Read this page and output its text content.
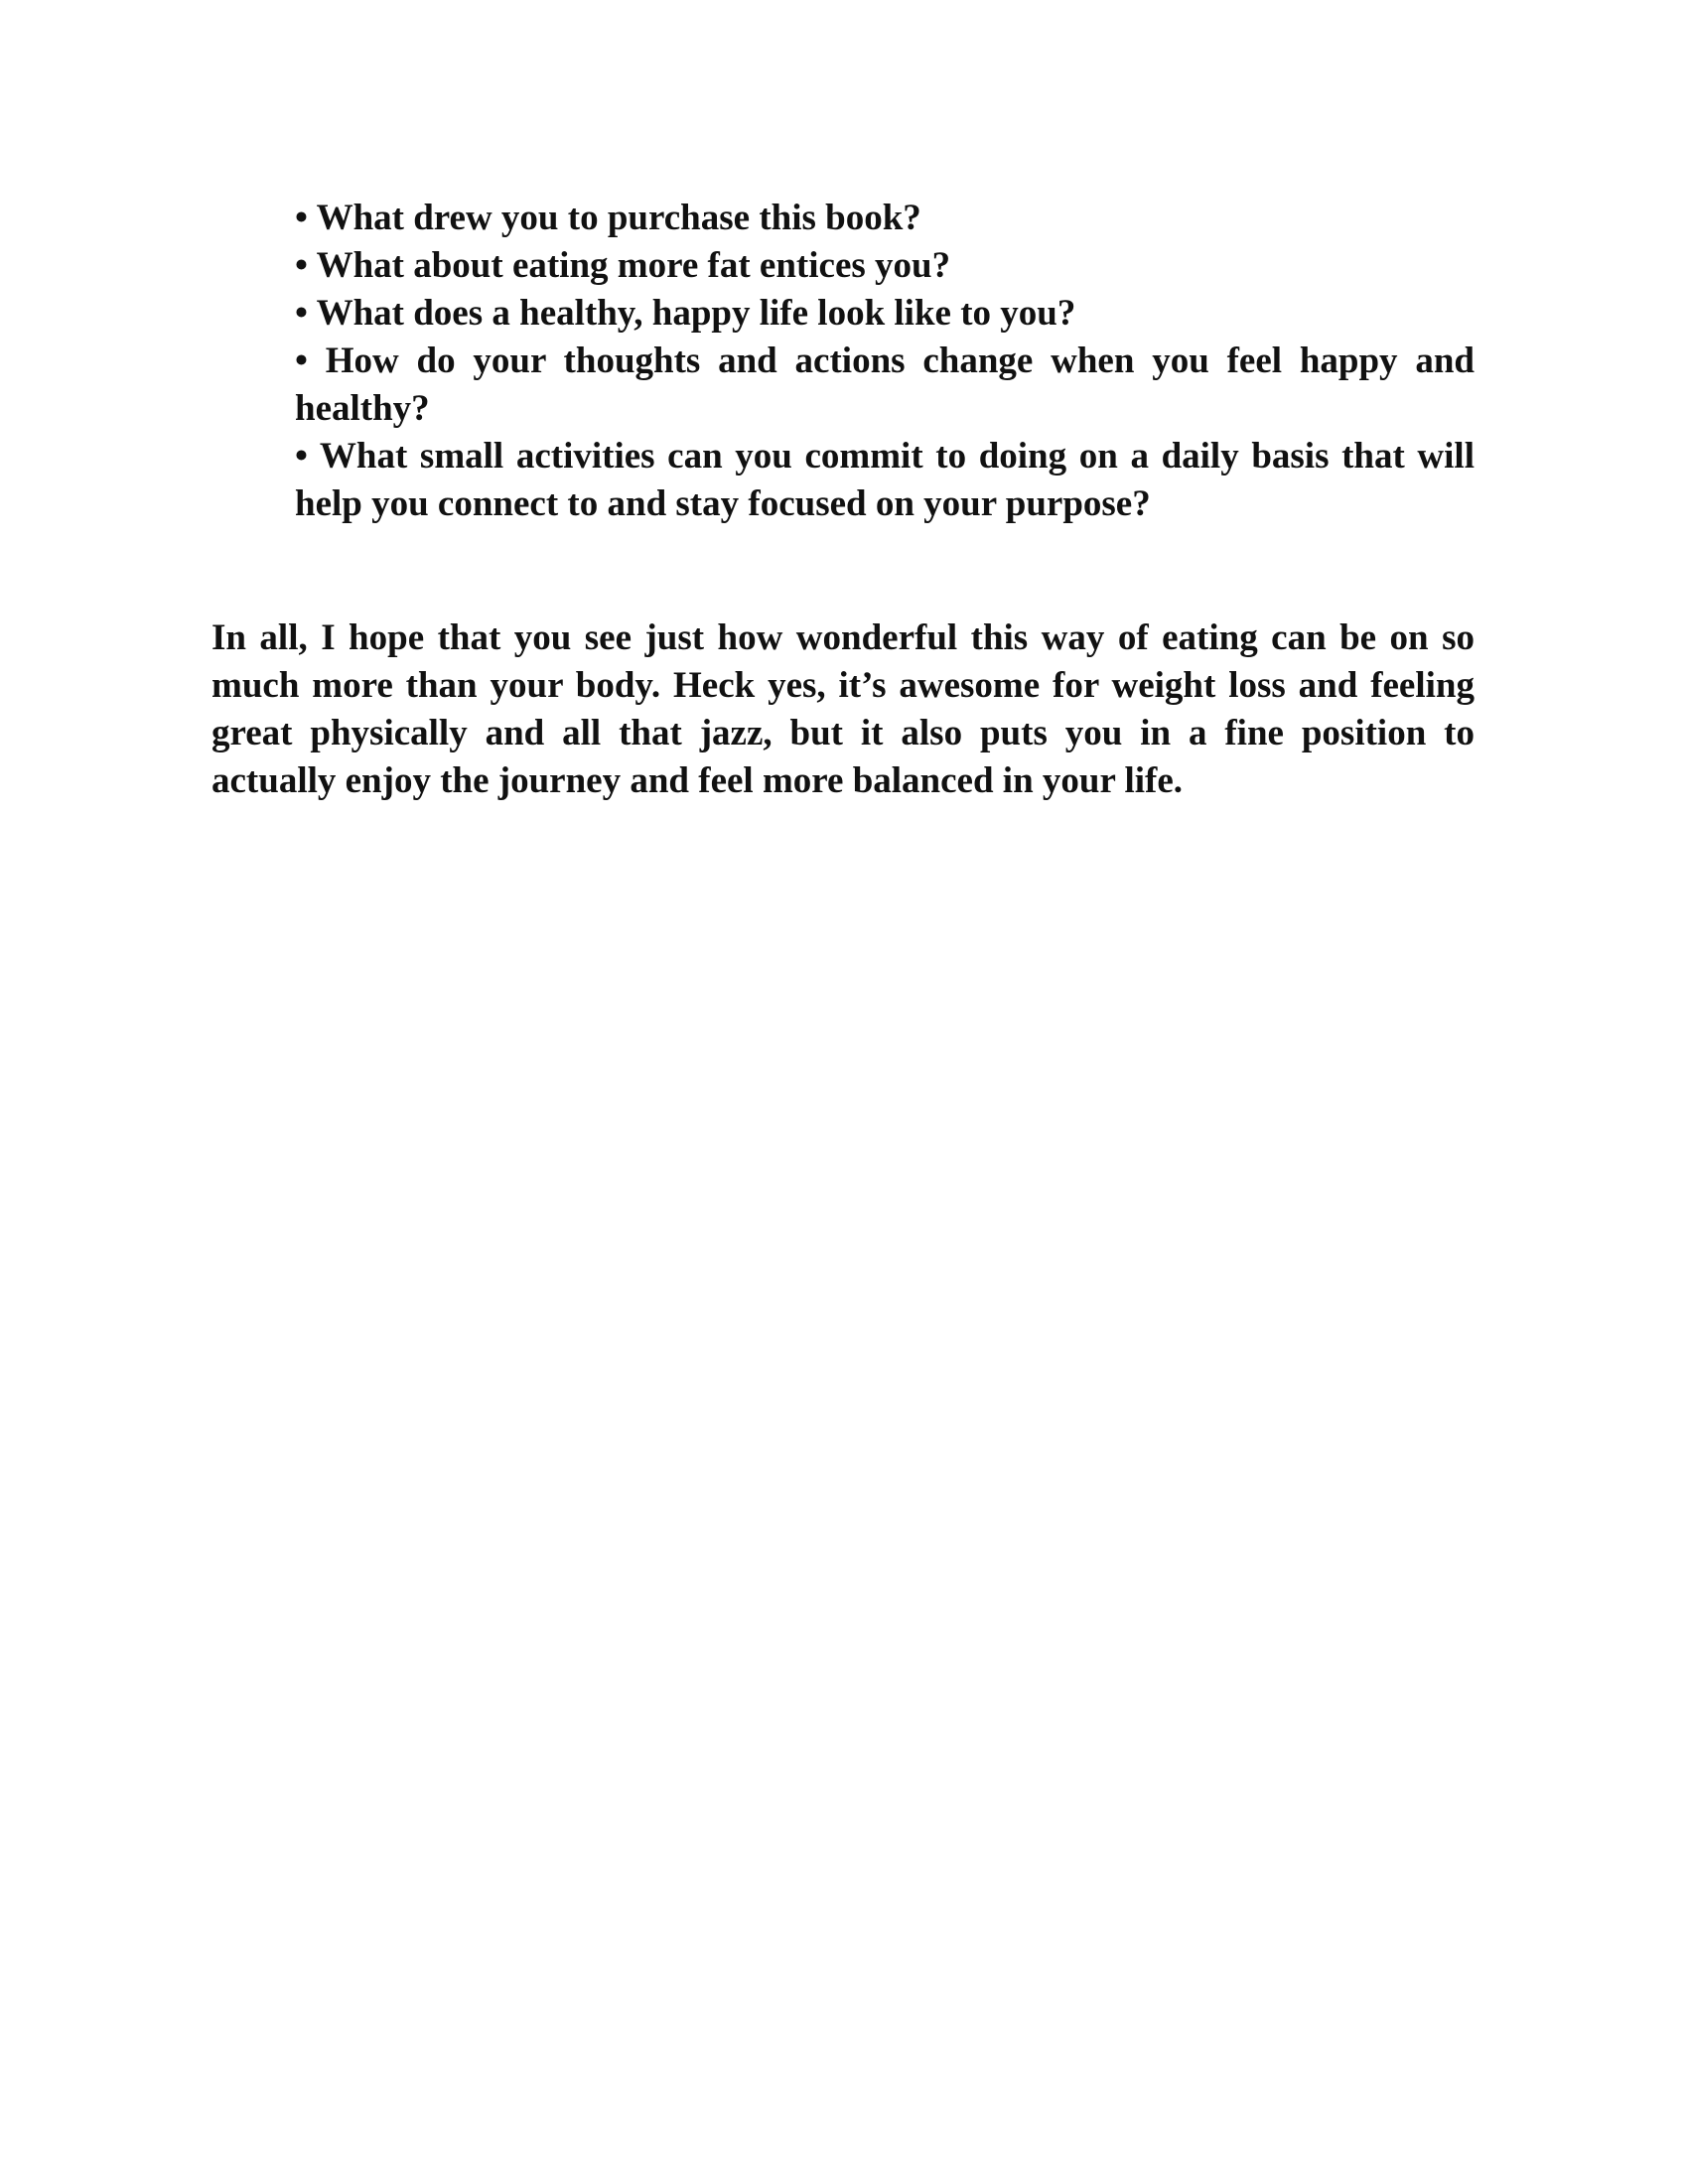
• What drew you to purchase this book?
• What about eating more fat entices you?
• What does a healthy, happy life look like to you?
• How do your thoughts and actions change when you feel happy and healthy?
• What small activities can you commit to doing on a daily basis that will help you connect to and stay focused on your purpose?

In all, I hope that you see just how wonderful this way of eating can be on so much more than your body. Heck yes, it’s awesome for weight loss and feeling great physically and all that jazz, but it also puts you in a fine position to actually enjoy the journey and feel more balanced in your life.
